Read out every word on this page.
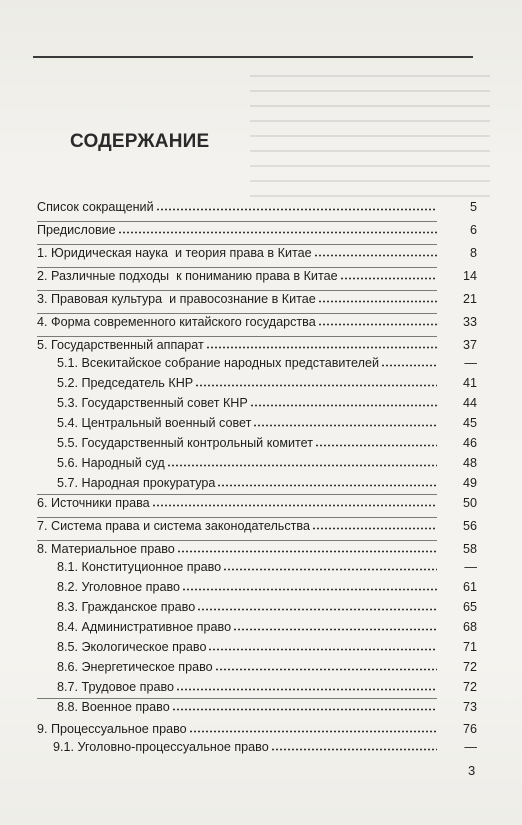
СОДЕРЖАНИЕ
Список сокращений	5
Предисловие	6
1. Юридическая наука  и теория права в Китае	8
2. Различные подходы  к пониманию права в Китае	14
3. Правовая культура  и правосознание в Китае	21
4. Форма современного китайского государства	33
5. Государственный аппарат	37
5.1. Всекитайское собрание народных представителей	—
5.2. Председатель КНР	41
5.3. Государственный совет КНР	44
5.4. Центральный военный совет	45
5.5. Государственный контрольный комитет	46
5.6. Народный суд	48
5.7. Народная прокуратура	49
6. Источники права	50
7. Система права и система законодательства	56
8. Материальное право	58
8.1. Конституционное право	—
8.2. Уголовное право	61
8.3. Гражданское право	65
8.4. Административное право	68
8.5. Экологическое право	71
8.6. Энергетическое право	72
8.7. Трудовое право	72
8.8. Военное право	73
9. Процессуальное право	76
9.1. Уголовно-процессуальное право	—
3
